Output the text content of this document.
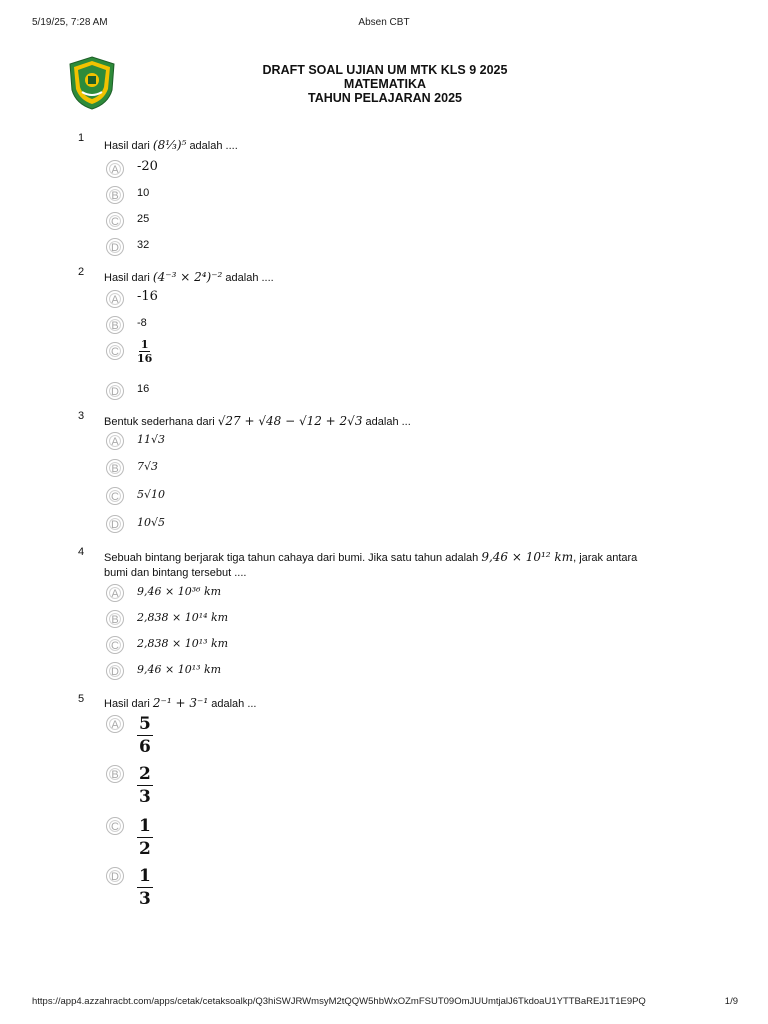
5/19/25, 7:28 AM	Absen CBT
DRAFT SOAL UJIAN UM MTK KLS 9 2025
MATEMATIKA
TAHUN PELAJARAN 2025
1
Hasil dari (8⅓)⁵ adalah ....
A	-20
B	10
C	25
D	32
2 Hasil dari (4⁻³ × 2⁴)⁻² adalah ....
A	-16
B	-8
C	$\frac{1}{16}$
D	16
3 Bentuk sederhana dari √27 + √48 − √12 + 2√3 adalah ...
A	11√3
B	7√3
C	5√10
D	10√5
4 Sebuah bintang berjarak tiga tahun cahaya dari bumi. Jika satu tahun adalah 9,46 × 10¹² km, jarak antara bumi dan bintang tersebut ....
A	9,46 × 10³⁶ km
B	2,838 × 10¹⁴ km
C	2,838 × 10¹³ km
D	9,46 × 10¹³ km
5 Hasil dari 2⁻¹ + 3⁻¹ adalah ...
A	$\frac{5}{6}$
B	$\frac{2}{3}$
C $\frac{1}{2}$
D $\frac{1}{3}$
https://app4.azzahracbt.com/apps/cetak/cetaksoalkp/Q3hiSWJRWmsyM2tQQW5hbWxOZmFSUT09OmJUUmtjalJ6TkdoaU1YTTBaREJ1T1E9PQ	1/9
